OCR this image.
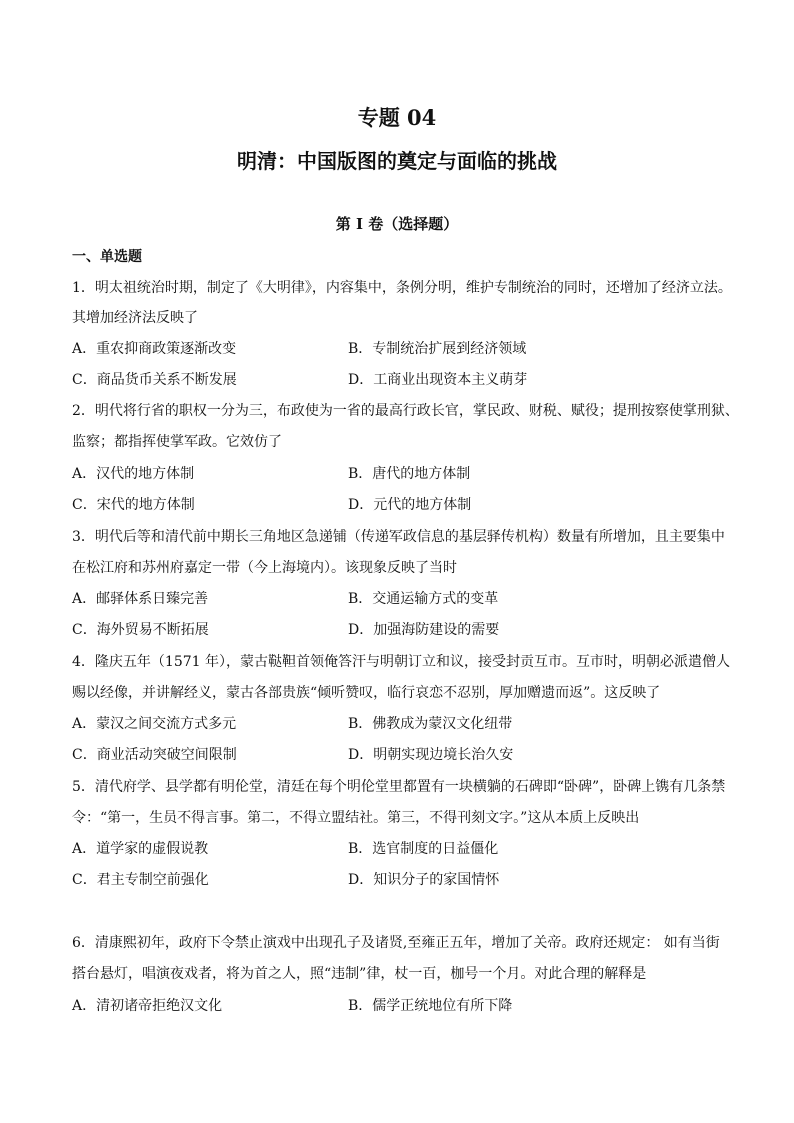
专题 04
明清：中国版图的奠定与面临的挑战
第 I 卷（选择题）
一、单选题
1．明太祖统治时期，制定了《大明律》，内容集中，条例分明，维护专制统治的同时，还增加了经济立法。
其增加经济法反映了
A．重农抑商政策逐渐改变	B．专制统治扩展到经济领域
C．商品货币关系不断发展	D．工商业出现资本主义萌芽
2．明代将行省的职权一分为三，布政使为一省的最高行政长官，掌民政、财税、赋役；提刑按察使掌刑狱、
监察；都指挥使掌军政。它效仿了
A．汉代的地方体制	B．唐代的地方体制
C．宋代的地方体制	D．元代的地方体制
3．明代后等和清代前中期长三角地区急递铺（传递军政信息的基层驿传机构）数量有所增加，且主要集中
在松江府和苏州府嘉定一带（今上海境内）。该现象反映了当时
A．邮驿体系日臻完善	B．交通运输方式的变革
C．海外贸易不断拓展	D．加强海防建设的需要
4．隆庆五年（1571 年），蒙古鞑靼首领俺答汗与明朝订立和议，接受封贡互市。互市时，明朝必派遣僧人
赐以经像，并讲解经义，蒙古各部贵族“倾听赞叹，临行哀恋不忍别，厚加赠遗而返”。这反映了
A．蒙汉之间交流方式多元	B．佛教成为蒙汉文化纽带
C．商业活动突破空间限制	D．明朝实现边境长治久安
5．清代府学、县学都有明伦堂，清廷在每个明伦堂里都置有一块横躺的石碑即“卧碑”，卧碑上镌有几条禁
令：“第一，生员不得言事。第二，不得立盟结社。第三，不得刊刻文字。”这从本质上反映出
A．道学家的虚假说教	B．选官制度的日益僵化
C．君主专制空前强化	D．知识分子的家国情怀
6．清康熙初年，政府下令禁止演戏中出现孔子及诸贤,至雍正五年，增加了关帝。政府还规定： 如有当街
搭台悬灯，唱演夜戏者，将为首之人，照“违制”律，杖一百，枷号一个月。对此合理的解释是
A．清初诸帝拒绝汉文化	B．儒学正统地位有所下降
